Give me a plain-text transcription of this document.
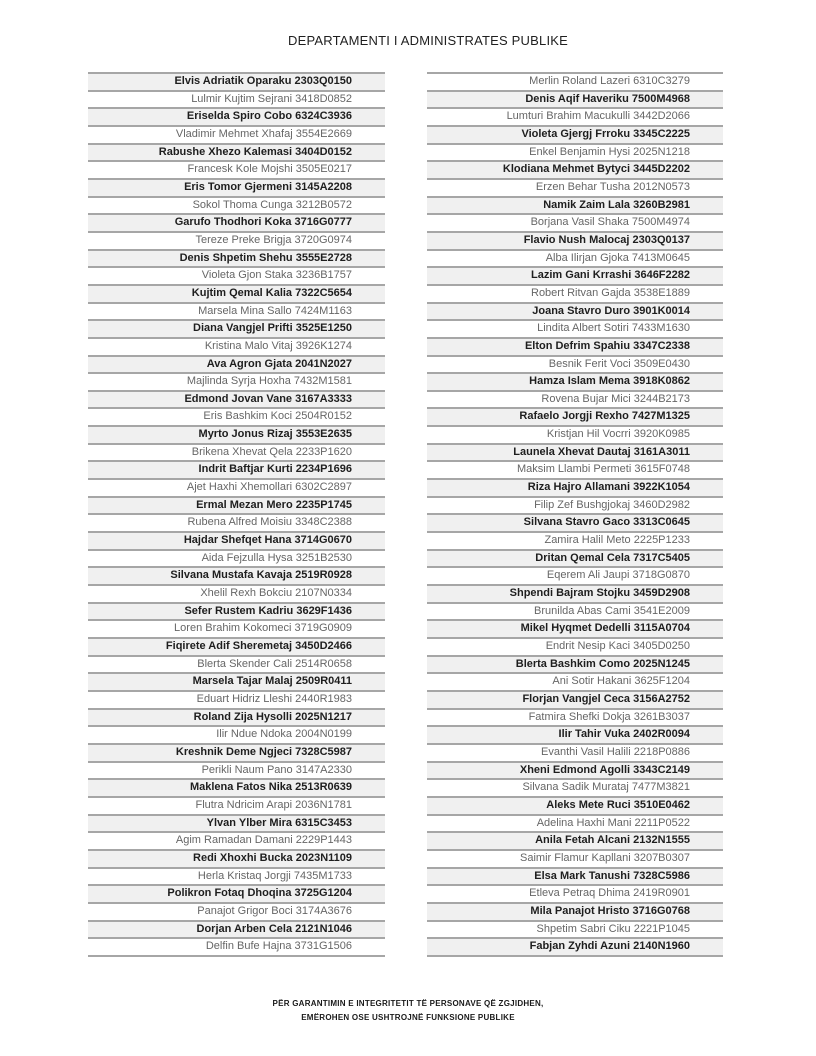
DEPARTAMENTI I ADMINISTRATES PUBLIKE
Elvis Adriatik Oparaku 2303Q0150
Lulmir Kujtim Sejrani 3418D0852
Eriselda Spiro Cobo 6324C3936
Vladimir Mehmet Xhafaj 3554E2669
Rabushe Xhezo Kalemasi 3404D0152
Francesk Kole Mojshi 3505E0217
Eris Tomor Gjermeni 3145A2208
Sokol Thoma Cunga 3212B0572
Garufo Thodhori Koka 3716G0777
Tereze Preke Brigja 3720G0974
Denis Shpetim Shehu 3555E2728
Violeta Gjon Staka 3236B1757
Kujtim Qemal Kalia 7322C5654
Marsela Mina Sallo 7424M1163
Diana Vangjel Prifti 3525E1250
Kristina Malo Vitaj 3926K1274
Ava Agron Gjata 2041N2027
Majlinda Syrja Hoxha 7432M1581
Edmond Jovan Vane 3167A3333
Eris Bashkim Koci 2504R0152
Myrto Jonus Rizaj 3553E2635
Brikena Xhevat Qela 2233P1620
Indrit Baftjar Kurti 2234P1696
Ajet Haxhi Xhemollari 6302C2897
Ermal Mezan Mero 2235P1745
Rubena Alfred Moisiu 3348C2388
Hajdar Shefqet Hana 3714G0670
Aida Fejzulla Hysa 3251B2530
Silvana Mustafa Kavaja 2519R0928
Xhelil Rexh Bokciu 2107N0334
Sefer Rustem Kadriu 3629F1436
Loren Brahim Kokomeci 3719G0909
Fiqirete Adif Sheremetaj 3450D2466
Blerta Skender Cali 2514R0658
Marsela Tajar Malaj 2509R0411
Eduart Hidriz Lleshi 2440R1983
Roland Zija Hysolli 2025N1217
Ilir Ndue Ndoka 2004N0199
Kreshnik Deme Ngjeci 7328C5987
Perikli Naum Pano 3147A2330
Maklena Fatos Nika 2513R0639
Flutra Ndricim Arapi 2036N1781
Ylvan Ylber Mira 6315C3453
Agim Ramadan Damani 2229P1443
Redi Xhoxhi Bucka 2023N1109
Herla Kristaq Jorgji 7435M1733
Polikron Fotaq Dhoqina 3725G1204
Panajot Grigor Boci 3174A3676
Dorjan Arben Cela 2121N1046
Delfin Bufe Hajna 3731G1506
Merlin Roland Lazeri 6310C3279
Denis Aqif Haveriku 7500M4968
Lumturi Brahim Macukulli 3442D2066
Violeta Gjergj Frroku 3345C2225
Enkel Benjamin Hysi 2025N1218
Klodiana Mehmet Bytyci 3445D2202
Erzen Behar Tusha 2012N0573
Namik Zaim Lala 3260B2981
Borjana Vasil Shaka 7500M4974
Flavio Nush Malocaj 2303Q0137
Alba Ilirjan Gjoka 7413M0645
Lazim Gani Krrashi 3646F2282
Robert Ritvan Gajda 3538E1889
Joana Stavro Duro 3901K0014
Lindita Albert Sotiri 7433M1630
Elton Defrim Spahiu 3347C2338
Besnik Ferit Voci 3509E0430
Hamza Islam Mema 3918K0862
Rovena Bujar Mici 3244B2173
Rafaelo Jorgji Rexho 7427M1325
Kristjan Hil Vocrri 3920K0985
Launela Xhevat Dautaj 3161A3011
Maksim Llambi Permeti 3615F0748
Riza Hajro Allamani 3922K1054
Filip Zef Bushgjokaj 3460D2982
Silvana Stavro Gaco 3313C0645
Zamira Halil Meto 2225P1233
Dritan Qemal Cela 7317C5405
Eqerem Ali Jaupi 3718G0870
Shpendi Bajram Stojku 3459D2908
Brunilda Abas Cami 3541E2009
Mikel Hyqmet Dedelli 3115A0704
Endrit Nesip Kaci 3405D0250
Blerta Bashkim Como 2025N1245
Ani Sotir Hakani 3625F1204
Florjan Vangjel Ceca 3156A2752
Fatmira Shefki Dokja 3261B3037
Ilir Tahir Vuka 2402R0094
Evanthi Vasil Halili 2218P0886
Xheni Edmond Agolli 3343C2149
Silvana Sadik Murataj 7477M3821
Aleks Mete Ruci 3510E0462
Adelina Haxhi Mani 2211P0522
Anila Fetah Alcani 2132N1555
Saimir Flamur Kapllani 3207B0307
Elsa Mark Tanushi 7328C5986
Etleva Petraq Dhima 2419R0901
Mila Panajot Hristo 3716G0768
Shpetim Sabri Ciku 2221P1045
Fabjan Zyhdi Azuni 2140N1960
PËR GARANTIMIN E INTEGRITETIT TË PERSONAVE QË ZGJIDHEN,
EMËROHEN OSE USHTROJNË FUNKSIONE PUBLIKE
